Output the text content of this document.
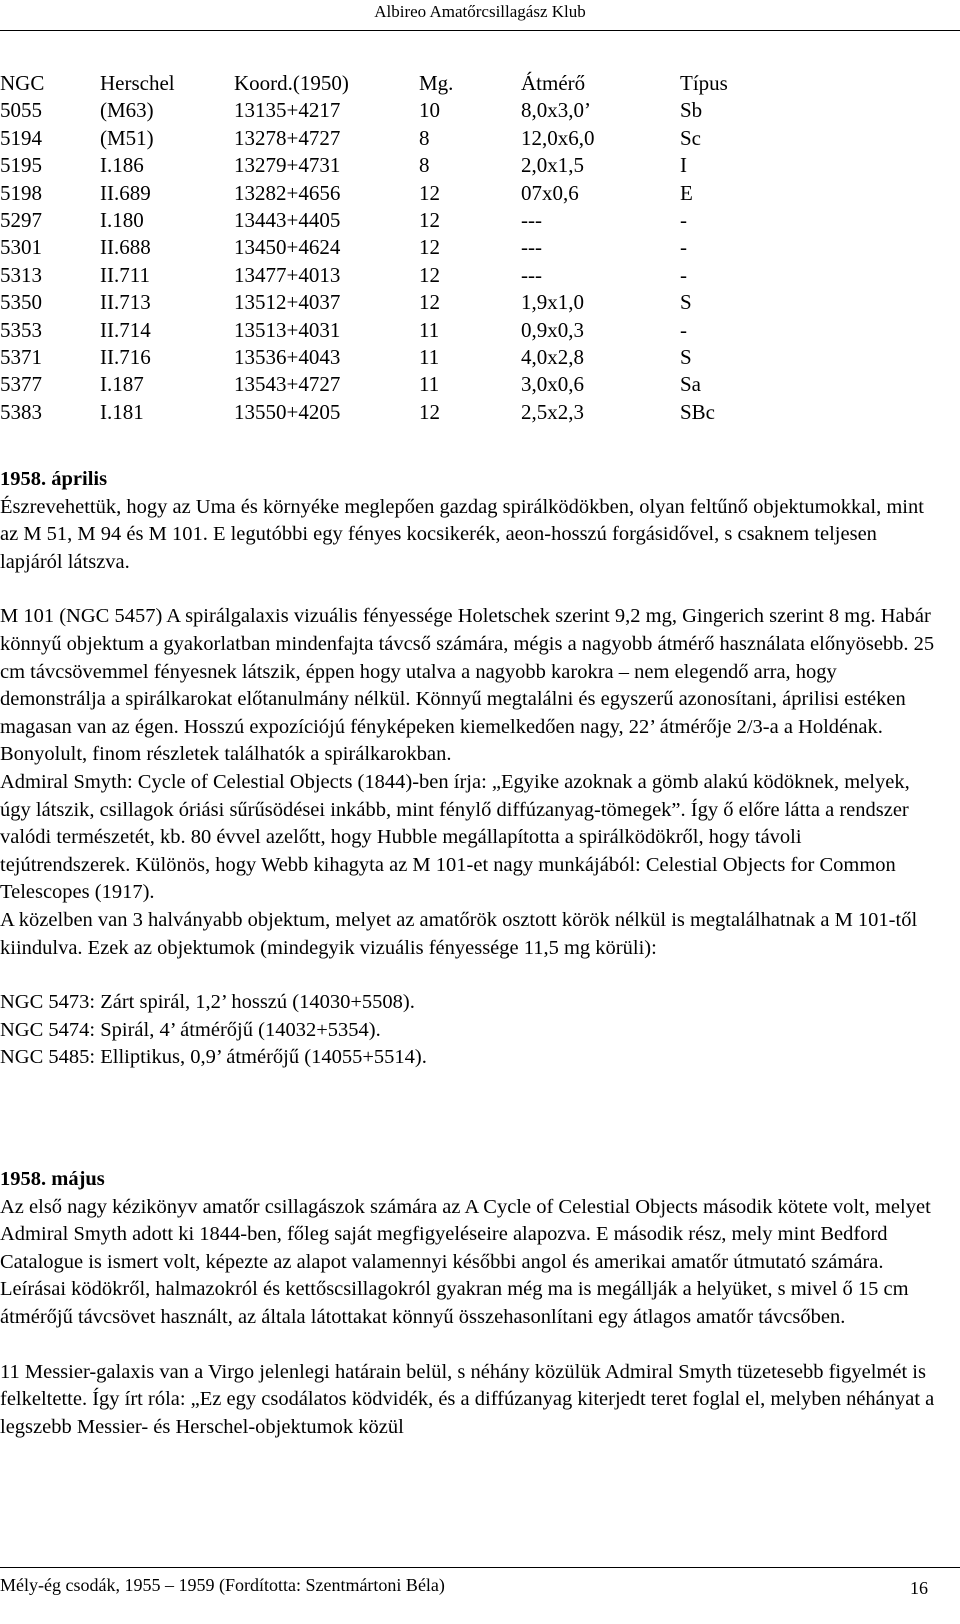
Albireo Amatőrcsillagász Klub
NGC	Herschel	Koord.(1950)	Mg.	Átmérő	Típus
5055	(M63)	13135+4217	10	8,0x3,0’	Sb
5194	(M51)	13278+4727	8	12,0x6,0	Sc
5195	I.186	13279+4731	8	2,0x1,5	I
5198	II.689	13282+4656	12	07x0,6	E
5297	I.180	13443+4405	12	---	-
5301	II.688	13450+4624	12	---	-
5313	II.711	13477+4013	12	---	-
5350	II.713	13512+4037	12	1,9x1,0	S
5353	II.714	13513+4031	11	0,9x0,3	-
5371	II.716	13536+4043	11	4,0x2,8	S
5377	I.187	13543+4727	11	3,0x0,6	Sa
5383	I.181	13550+4205	12	2,5x2,3	SBc

1958. április

Észrevehettük, hogy az Uma és környéke meglepően gazdag spirálködökben, olyan feltűnő objektumokkal, mint az M 51, M 94 és M 101. E legutóbbi egy fényes kocsikerék, aeon-hosszú forgásidővel, s csaknem teljesen lapjáról látszva.

M 101 (NGC 5457) A spirálgalaxis vizuális fényessége Holetschek szerint 9,2 mg, Gingerich szerint 8 mg. Habár könnyű objektum a gyakorlatban mindenfajta távcső számára, mégis a nagyobb átmérő használata előnyösebb. 25 cm távcsövemmel fényesnek látszik, éppen hogy utalva a nagyobb karokra – nem elegendő arra, hogy demonstrálja a spirálkarokat előtanulmány nélkül. Könnyű megtalálni és egyszerű azonosítani, áprilisi estéken magasan van az égen. Hosszú expozíciójú fényképeken kiemelkedően nagy, 22’ átmérője 2/3-a a Holdénak. Bonyolult, finom részletek találhatók a spirálkarokban.

Admiral Smyth: Cycle of Celestial Objects (1844)-ben írja: „Egyike azoknak a gömb alakú ködöknek, melyek, úgy látszik, csillagok óriási sűrűsödései inkább, mint fénylő diffúzanyag-tömegek”. Így ő előre látta a rendszer valódi természetét, kb. 80 évvel azelőtt, hogy Hubble megállapította a spirálködökről, hogy távoli tejútrendszerek. Különös, hogy Webb kihagyta az M 101-et nagy munkájából: Celestial Objects for Common Telescopes (1917).

A közelben van 3 halványabb objektum, melyet az amatőrök osztott körök nélkül is megtalálhatnak a M 101-től kiindulva. Ezek az objektumok (mindegyik vizuális fényessége 11,5 mg körüli):

NGC 5473: Zárt spirál, 1,2’ hosszú (14030+5508).

NGC 5474: Spirál, 4’ átmérőjű (14032+5354).

NGC 5485: Elliptikus, 0,9’ átmérőjű (14055+5514).

1958. május

Az első nagy kézikönyv amatőr csillagászok számára az A Cycle of Celestial Objects második kötete volt, melyet Admiral Smyth adott ki 1844-ben, főleg saját megfigyeléseire alapozva. E második rész, mely mint Bedford Catalogue is ismert volt, képezte az alapot valamennyi későbbi angol és amerikai amatőr útmutató számára. Leírásai ködökről, halmazokról és kettőscsillagokról gyakran még ma is megállják a helyüket, s mivel ő 15 cm átmérőjű távcsövet használt, az általa látottakat könnyű összehasonlítani egy átlagos amatőr távcsőben.

11 Messier-galaxis van a Virgo jelenlegi határain belül, s néhány közülük Admiral Smyth tüzetesebb figyelmét is felkeltette. Így írt róla: „Ez egy csodálatos ködvidék, és a diffúzanyag kiterjedt teret foglal el, melyben néhányat a legszebb Messier- és Herschel-objektumok közül

Mély-ég csodák, 1955 – 1959 (Fordította: Szentmártoni Béla)	16
